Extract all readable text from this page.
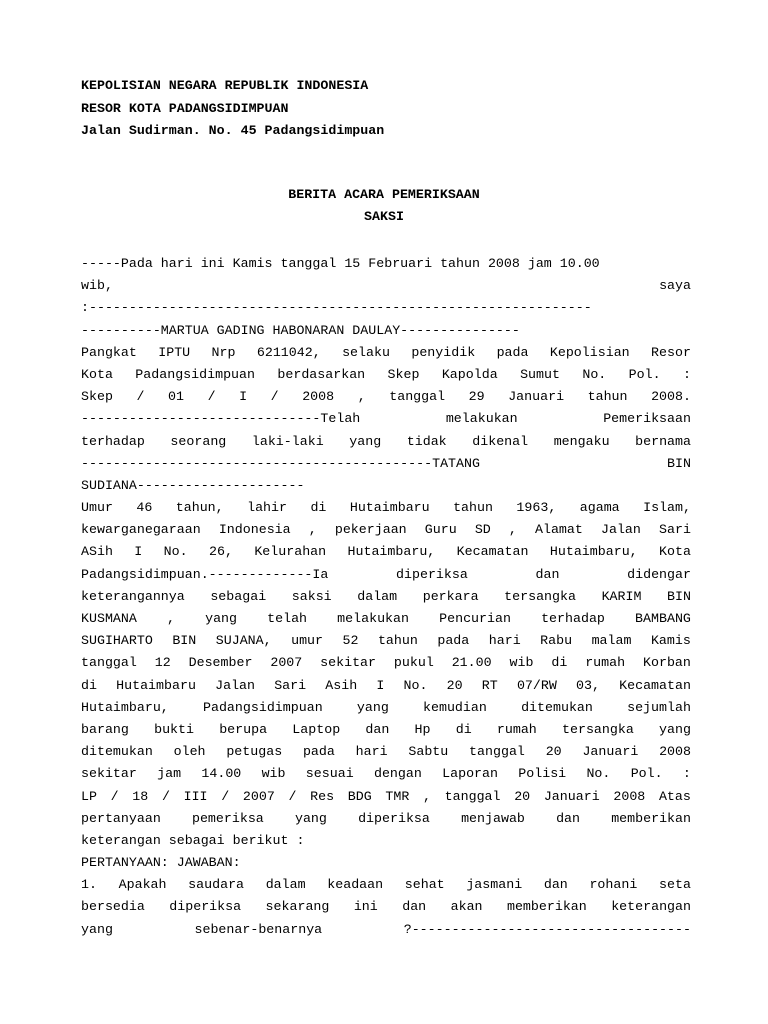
KEPOLISIAN NEGARA REPUBLIK INDONESIA
RESOR KOTA PADANGSIDIMPUAN
Jalan Sudirman. No. 45 Padangsidimpuan
BERITA ACARA PEMERIKSAAN
SAKSI
-----Pada hari ini Kamis tanggal 15 Februari tahun 2008 jam 10.00
wib,	saya
:---------------------------------------------------------------
----------MARTUA GADING HABONARAN DAULAY---------------
Pangkat IPTU Nrp 6211042, selaku penyidik pada Kepolisian Resor
Kota Padangsidimpuan berdasarkan Skep Kapolda Sumut No. Pol. :
Skep / 01 / I / 2008 , tanggal 29 Januari tahun 2008.
------------------------------Telah	melakukan	Pemeriksaan
terhadap seorang laki-laki yang tidak dikenal mengaku bernama
--------------------------------------------TATANG	BIN
SUDIANA---------------------
Umur 46 tahun, lahir di Hutaimbaru tahun 1963, agama Islam,
kewarganegaraan Indonesia , pekerjaan Guru SD , Alamat Jalan Sari
ASih I No. 26, Kelurahan Hutaimbaru, Kecamatan Hutaimbaru, Kota
Padangsidimpuan.-------------Ia	diperiksa	dan	didengar
keterangannya sebagai saksi dalam perkara tersangka KARIM BIN
KUSMANA , yang telah melakukan Pencurian terhadap BAMBANG
SUGIHARTO BIN SUJANA, umur 52 tahun pada hari Rabu malam Kamis
tanggal 12 Desember 2007 sekitar pukul 21.00 wib di rumah Korban
di Hutaimbaru Jalan Sari Asih I No. 20 RT 07/RW 03, Kecamatan
Hutaimbaru,	Padangsidimpuan	yang	kemudian	ditemukan	sejumlah
barang bukti berupa Laptop dan Hp di rumah tersangka yang
ditemukan oleh petugas pada hari Sabtu tanggal 20 Januari 2008
sekitar jam 14.00 wib sesuai dengan Laporan Polisi No. Pol. :
LP / 18 / III / 2007 / Res BDG TMR , tanggal 20 Januari 2008 Atas
pertanyaan pemeriksa yang diperiksa menjawab dan memberikan
keterangan sebagai berikut :
PERTANYAAN: JAWABAN:
1. Apakah saudara dalam keadaan sehat jasmani dan rohani seta
bersedia diperiksa sekarang ini dan akan memberikan keterangan
yang	sebenar-benarnya	?-----------------------------------
